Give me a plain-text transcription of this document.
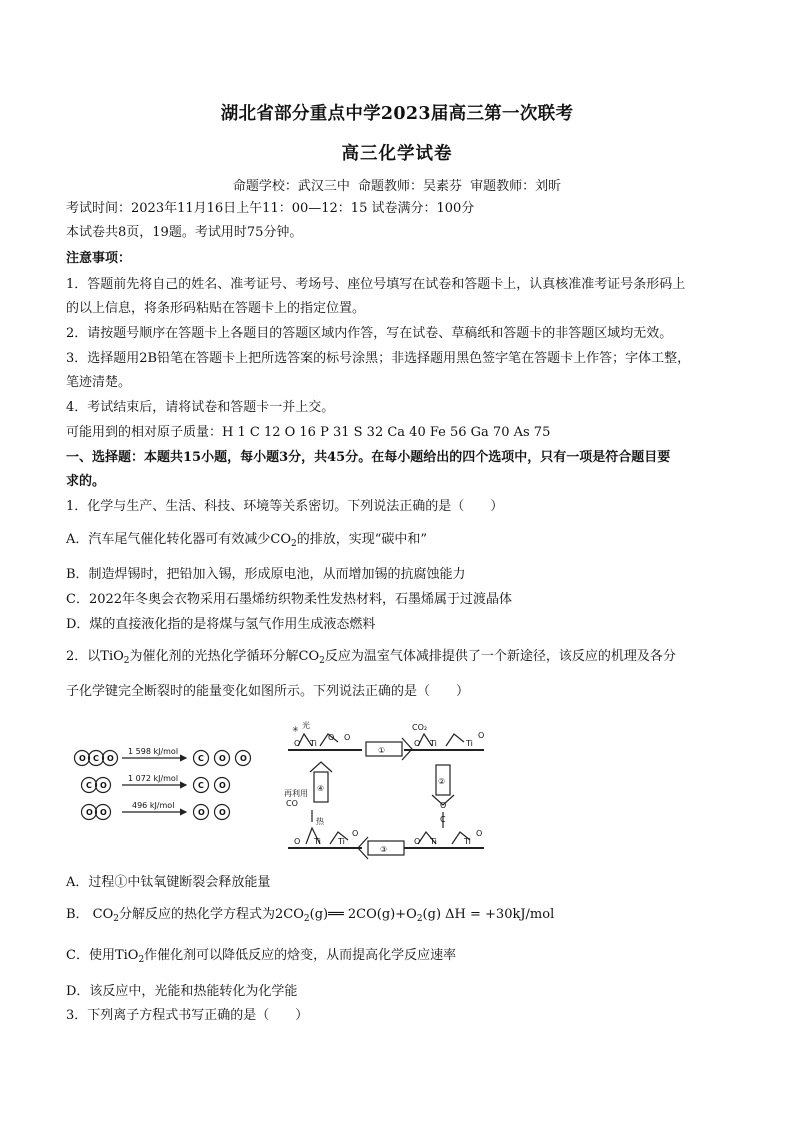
湖北省部分重点中学2023届高三第一次联考
高三化学试卷
命题学校：武汉三中 命题教师：吴素芬 审题教师：刘昕
考试时间：2023年11月16日上午11：00—12：15 试卷满分：100分
本试卷共8页，19题。考试用时75分钟。
注意事项：
1．答题前先将自己的姓名、准考证号、考场号、座位号填写在试卷和答题卡上，认真核准准考证号条形码上
的以上信息，将条形码粘贴在答题卡上的指定位置。
2．请按题号顺序在答题卡上各题目的答题区域内作答，写在试卷、草稿纸和答题卡的非答题区域均无效。
3．选择题用2B铅笔在答题卡上把所选答案的标号涂黑；非选择题用黑色签字笔在答题卡上作答；字体工整，
笔迹清楚。
4．考试结束后，请将试卷和答题卡一并上交。
可能用到的相对原子质量：H 1 C 12 O 16 P 31 S 32 Ca 40 Fe 56 Ga 70 As 75
一、选择题：本题共15小题，每小题3分，共45分。在每小题给出的四个选项中，只有一项是符合题目要
求的。
1．化学与生产、生活、科技、环境等关系密切。下列说法正确的是（　　）
A．汽车尾气催化转化器可有效减少$CO_2$的排放，实现“碳中和”
B．制造焊锡时，把铅加入锡，形成原电池，从而增加锡的抗腐蚀能力
C．2022年冬奥会衣物采用石墨烯纺织物柔性发热材料，石墨烯属于过渡晶体
D．煤的直接液化指的是将煤与氢气作用生成液态燃料
2．以TiO$_2$为催化剂的光热化学循环分解$CO_2$反应为温室气体减排提供了一个新途径，该反应的机理及各分
子化学键完全断裂时的能量变化如图所示。下列说法正确的是（　　）
O C O	C O O
C O	C O
O O	O O
1 598 kJ/mol
1 072 kJ/mol
496 kJ/mol
✳ 光	CO₂
再利用
CO
热
①
②
③
④
O Ti
O O
O Ti	Ti
O
O Ti Ti
O
O Ti	Ti
O
O
C
A．过程①中钛氧键断裂会释放能量
B． $CO_2$分解反应的热化学方程式为$2CO_2(g)══$ $2CO(g)+O_2(g) \Delta H = +30kJ/mol$
C．使用TiO$_2$作催化剂可以降低反应的焓变，从而提高化学反应速率
D．该反应中，光能和热能转化为化学能
3．下列离子方程式书写正确的是（　　）
